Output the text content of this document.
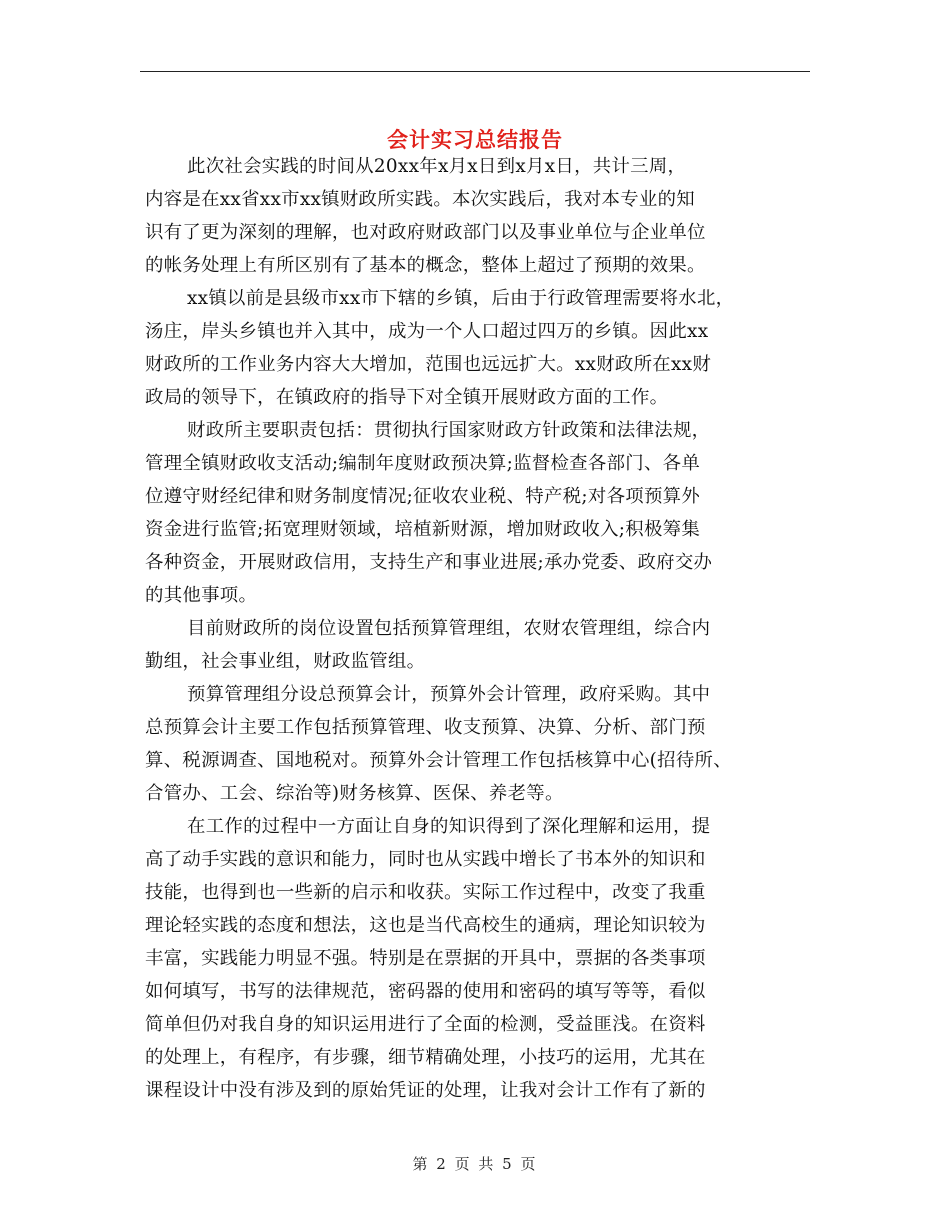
会计实习总结报告
此次社会实践的时间从20xx年x月x日到x月x日，共计三周，
内容是在xx省xx市xx镇财政所实践。本次实践后，我对本专业的知
识有了更为深刻的理解，也对政府财政部门以及事业单位与企业单位
的帐务处理上有所区别有了基本的概念，整体上超过了预期的效果。
xx镇以前是县级市xx市下辖的乡镇，后由于行政管理需要将水北，
汤庄，岸头乡镇也并入其中，成为一个人口超过四万的乡镇。因此xx
财政所的工作业务内容大大增加，范围也远远扩大。xx财政所在xx财
政局的领导下，在镇政府的指导下对全镇开展财政方面的工作。
财政所主要职责包括：贯彻执行国家财政方针政策和法律法规，
管理全镇财政收支活动;编制年度财政预决算;监督检查各部门、各单
位遵守财经纪律和财务制度情况;征收农业税、特产税;对各项预算外
资金进行监管;拓宽理财领域，培植新财源，增加财政收入;积极筹集
各种资金，开展财政信用，支持生产和事业进展;承办党委、政府交办
的其他事项。
目前财政所的岗位设置包括预算管理组，农财农管理组，综合内
勤组，社会事业组，财政监管组。
预算管理组分设总预算会计，预算外会计管理，政府采购。其中
总预算会计主要工作包括预算管理、收支预算、决算、分析、部门预
算、税源调查、国地税对。预算外会计管理工作包括核算中心(招待所、
合管办、工会、综治等)财务核算、医保、养老等。
在工作的过程中一方面让自身的知识得到了深化理解和运用，提
高了动手实践的意识和能力，同时也从实践中增长了书本外的知识和
技能，也得到也一些新的启示和收获。实际工作过程中，改变了我重
理论轻实践的态度和想法，这也是当代高校生的通病，理论知识较为
丰富，实践能力明显不强。特别是在票据的开具中，票据的各类事项
如何填写，书写的法律规范，密码器的使用和密码的填写等等，看似
简单但仍对我自身的知识运用进行了全面的检测，受益匪浅。在资料
的处理上，有程序，有步骤，细节精确处理，小技巧的运用，尤其在
课程设计中没有涉及到的原始凭证的处理，让我对会计工作有了新的
第 2 页 共 5 页
